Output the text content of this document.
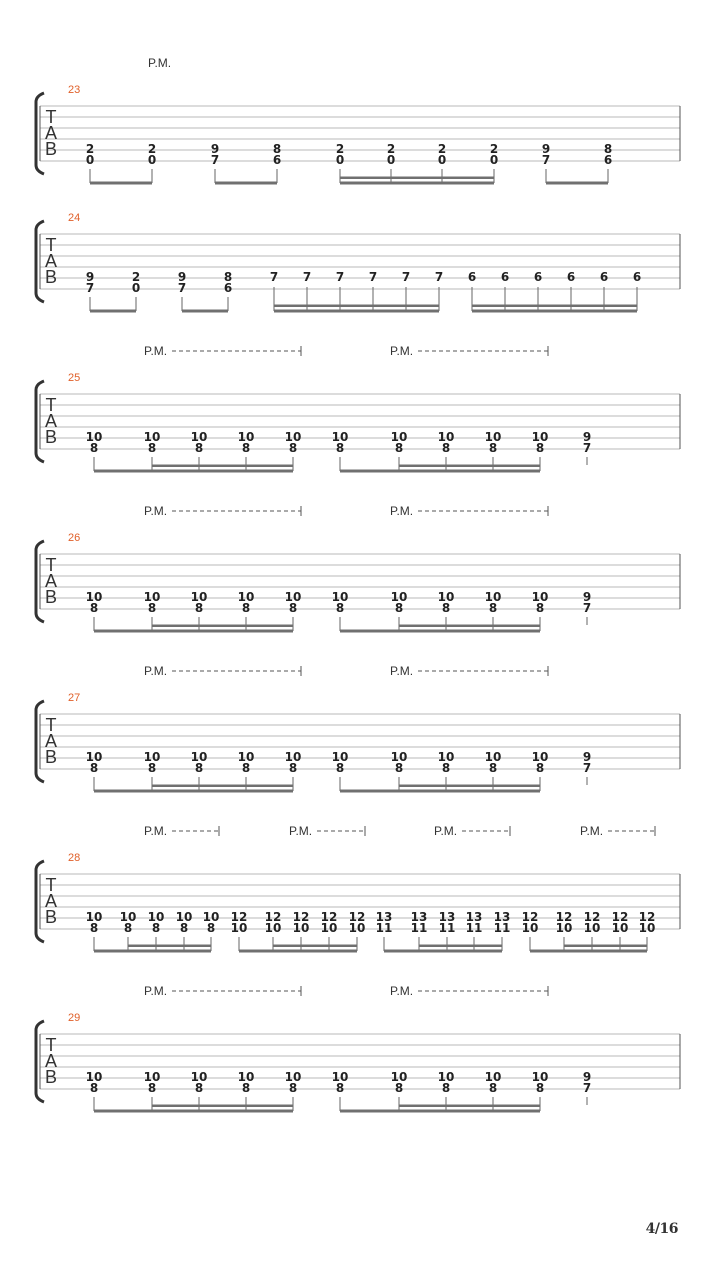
P.M.
23
T
A
B 2
0
2
0
9
7
8
6
2
0
2
0
2
0
2
0
9
7
8
6
24
T
A
B 9
7
2
0
9
7
8
6
7 7 7 7 7 7 6 6 6 6 6 6
P.M.	P.M.
25
T
A
B 10
8
10
8
10
8
10
8
10
8
10
8
10
8
10
8
10
8
10
8
9
7
P.M.	P.M.
26
T
A
B 10
8
10
8
10
8
10
8
10
8
10
8
10
8
10
8
10
8
10
8
9
7
P.M.	P.M.
27
T
A
B 10
8
10
8
10
8
10
8
10
8
10
8
10
8
10
8
10
8
10
8
9
7
P.M.	P.M.	P.M.	P.M.
28
T
A
B 10
8
10
8
10
8
10
8
10
8
12
10
12
10
12
10
12
10
12
10
13
11
13
11
13
11
13
11
13
11
12
10
12
10
12
10
12
10
12
10
P.M.	P.M.
29
T
A
B 10
8
10
8
10
8
10
8
10
8
10
8
10
8
10
8
10
8
10
8
9
7
4/16
